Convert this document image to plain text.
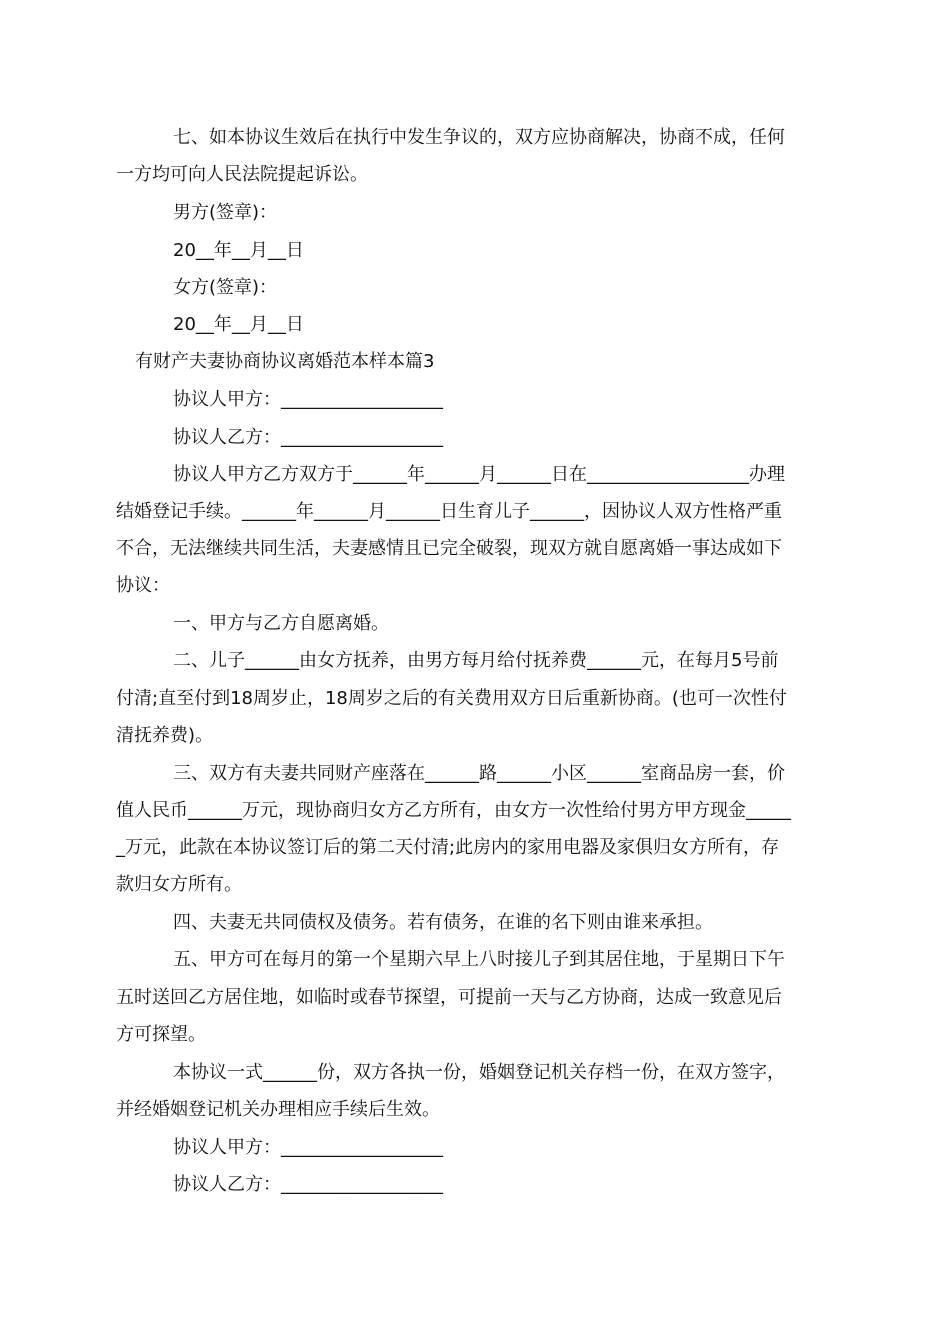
七、如本协议生效后在执行中发生争议的，双方应协商解决，协商不成，任何
一方均可向人民法院提起诉讼。
男方(签章)：
20__年__月__日
女方(签章)：
20__年__月__日
有财产夫妻协商协议离婚范本样本篇3
协议人甲方：__________________
协议人乙方：__________________
协议人甲方乙方双方于______年______月______日在__________________办理
结婚登记手续。______年______月______日生育儿子______，因协议人双方性格严重
不合，无法继续共同生活，夫妻感情且已完全破裂，现双方就自愿离婚一事达成如下
协议：
一、甲方与乙方自愿离婚。
二、儿子______由女方抚养，由男方每月给付抚养费______元，在每月5号前
付清;直至付到18周岁止，18周岁之后的有关费用双方日后重新协商。(也可一次性付
清抚养费)。
三、双方有夫妻共同财产座落在______路______小区______室商品房一套，价
值人民币______万元，现协商归女方乙方所有，由女方一次性给付男方甲方现金_____
_万元，此款在本协议签订后的第二天付清;此房内的家用电器及家俱归女方所有，存
款归女方所有。
四、夫妻无共同债权及债务。若有债务，在谁的名下则由谁来承担。
五、甲方可在每月的第一个星期六早上八时接儿子到其居住地，于星期日下午
五时送回乙方居住地，如临时或春节探望，可提前一天与乙方协商，达成一致意见后
方可探望。
本协议一式______份，双方各执一份，婚姻登记机关存档一份，在双方签字，
并经婚姻登记机关办理相应手续后生效。
协议人甲方：__________________
协议人乙方：__________________
